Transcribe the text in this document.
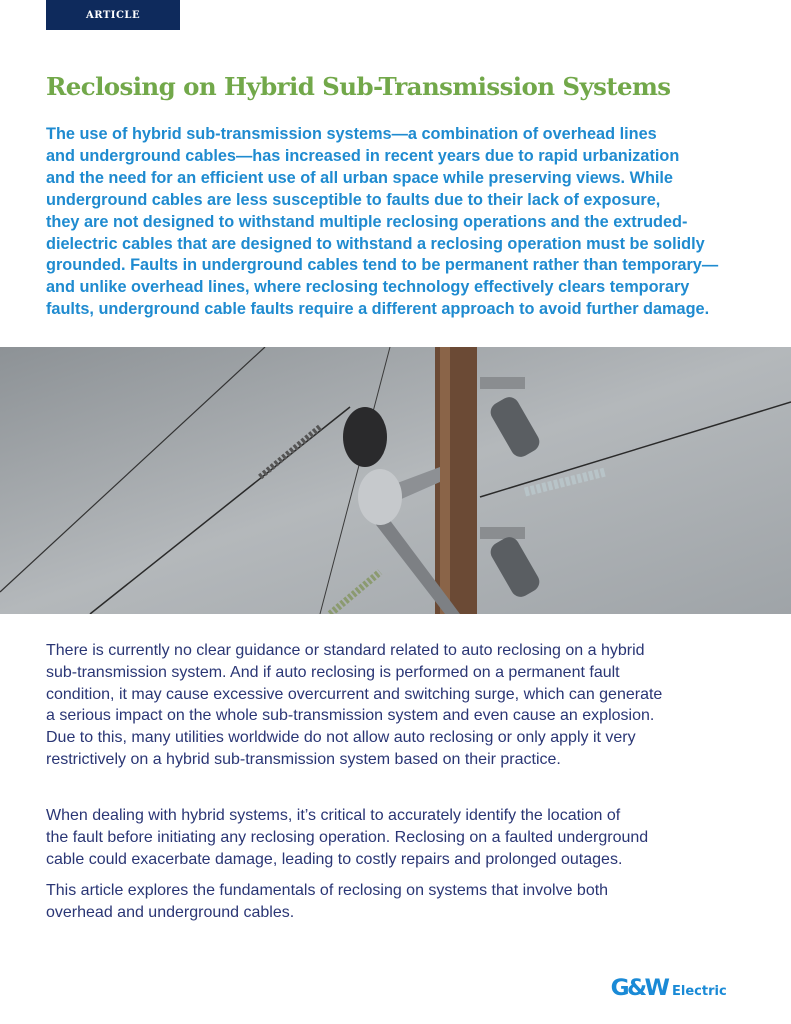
ARTICLE
Reclosing on Hybrid Sub-Transmission Systems
The use of hybrid sub-transmission systems—a combination of overhead lines
and underground cables—has increased in recent years due to rapid urbanization
and the need for an efficient use of all urban space while preserving views. While
underground cables are less susceptible to faults due to their lack of exposure,
they are not designed to withstand multiple reclosing operations and the extruded-
dielectric cables that are designed to withstand a reclosing operation must be solidly
grounded. Faults in underground cables tend to be permanent rather than temporary—
and unlike overhead lines, where reclosing technology effectively clears temporary
faults, underground cable faults require a different approach to avoid further damage.
There is currently no clear guidance or standard related to auto reclosing on a hybrid
sub-transmission system. And if auto reclosing is performed on a permanent fault
condition, it may cause excessive overcurrent and switching surge, which can generate
a serious impact on the whole sub-transmission system and even cause an explosion.
Due to this, many utilities worldwide do not allow auto reclosing or only apply it very
restrictively on a hybrid sub-transmission system based on their practice.
When dealing with hybrid systems, it’s critical to accurately identify the location of
the fault before initiating any reclosing operation. Reclosing on a faulted underground
cable could exacerbate damage, leading to costly repairs and prolonged outages.
This article explores the fundamentals of reclosing on systems that involve both
overhead and underground cables.
G&W Electric
